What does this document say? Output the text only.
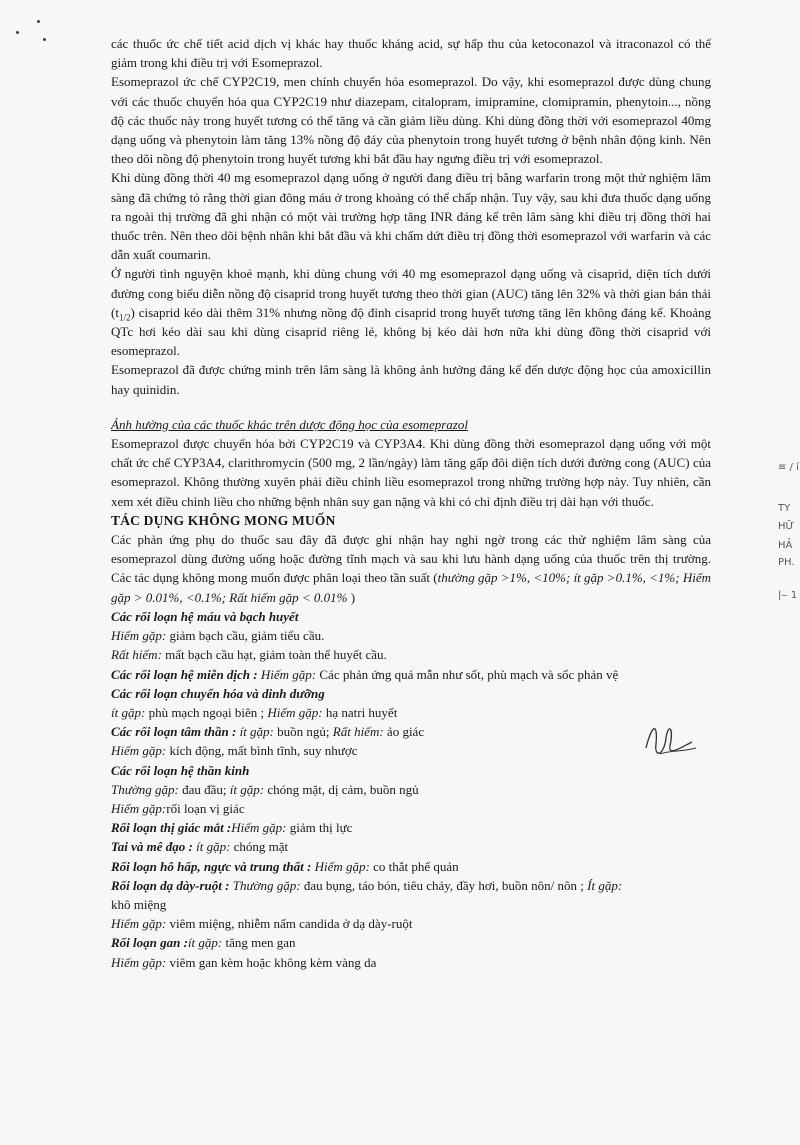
các thuốc ức chế tiết acid dịch vị khác hay thuốc kháng acid, sự hấp thu của ketoconazol và itraconazol có thể giảm trong khi điều trị với Esomeprazol.

Esomeprazol ức chế CYP2C19, men chính chuyển hóa esomeprazol. Do vậy, khi esomeprazol được dùng chung với các thuốc chuyển hóa qua CYP2C19 như diazepam, citalopram, imipramine, clomipramin, phenytoin..., nồng độ các thuốc này trong huyết tương có thể tăng và cần giảm liều dùng. Khi dùng đồng thời với esomeprazol 40mg dạng uống và phenytoin làm tăng 13% nồng độ đáy của phenytoin trong huyết tương ở bệnh nhân động kinh. Nên theo dõi nồng độ phenytoin trong huyết tương khi bắt đầu hay ngưng điều trị với esomeprazol.

Khi dùng đồng thời 40 mg esomeprazol dạng uống ở người đang điều trị bằng warfarin trong một thử nghiệm lâm sàng đã chứng tỏ rằng thời gian đông máu ở trong khoảng có thể chấp nhận. Tuy vậy, sau khi đưa thuốc dạng uống ra ngoài thị trường đã ghi nhận có một vài trường hợp tăng INR đáng kể trên lâm sàng khi điều trị đồng thời hai thuốc trên. Nên theo dõi bệnh nhân khi bắt đầu và khi chấm dứt điều trị đồng thời esomeprazol với warfarin và các dẫn xuất coumarin.

Ở người tình nguyện khoẻ mạnh, khi dùng chung với 40 mg esomeprazol dạng uống và cisaprid, diện tích dưới đường cong biểu diễn nồng độ cisaprid trong huyết tương theo thời gian (AUC) tăng lên 32% và thời gian bán thải $(t_{1/2})$ cisaprid kéo dài thêm 31% nhưng nồng độ đỉnh cisaprid trong huyết tương tăng lên không đáng kể. Khoảng QTc hơi kéo dài sau khi dùng cisaprid riêng lẻ, không bị kéo dài hơn nữa khi dùng đồng thời cisaprid với esomeprazol.

Esomeprazol đã được chứng minh trên lâm sàng là không ảnh hưởng đáng kể đến dược động học của amoxicillin hay quinidin.

Ảnh hưởng của các thuốc khác trên dược động học của esomeprazol

Esomeprazol được chuyển hóa bởi CYP2C19 và CYP3A4. Khi dùng đồng thời esomeprazol dạng uống với một chất ức chế CYP3A4, clarithromycin (500 mg, 2 lần/ngày) làm tăng gấp đôi diện tích dưới đường cong (AUC) của esomeprazol. Không thường xuyên phải điều chỉnh liều esomeprazol trong những trường hợp này. Tuy nhiên, cần xem xét điều chỉnh liều cho những bệnh nhân suy gan nặng và khi có chỉ định điều trị dài hạn với thuốc.

TÁC DỤNG KHÔNG MONG MUỐN

Các phản ứng phụ do thuốc sau đây đã được ghi nhận hay nghi ngờ trong các thử nghiệm lâm sàng của esomeprazol dùng đường uống hoặc đường tĩnh mạch và sau khi lưu hành dạng uống của thuốc trên thị trường. Các tác dụng không mong muốn được phân loại theo tần suất (thường gặp >1%, <10%; ít gặp >0.1%, <1%; Hiếm gặp > 0.01%, <0.1%; Rất hiếm gặp < 0.01% )

Các rối loạn hệ máu và bạch huyết

Hiếm gặp: giảm bạch cầu, giảm tiểu cầu.

Rất hiếm: mất bạch cầu hạt, giảm toàn thể huyết cầu.

Các rối loạn hệ miễn dịch : Hiếm gặp: Các phản ứng quá mẫn như sốt, phù mạch và sốc phản vệ

Các rối loạn chuyển hóa và dinh dưỡng

ít gặp: phù mạch ngoại biên ; Hiếm gặp: hạ natri huyết

Các rối loạn tâm thần : ít gặp: buồn ngủ; Rất hiếm: ảo giác

Hiếm gặp: kích động, mất bình tĩnh, suy nhược

Các rối loạn hệ thần kinh

Thường gặp: đau đầu; ít gặp: chóng mặt, dị cảm, buồn ngủ

Hiếm gặp:rối loạn vị giác

Rối loạn thị giác mắt :Hiếm gặp: giảm thị lực

Tai và mê đạo : ít gặp: chóng mặt

Rối loạn hô hấp, ngực và trung thất : Hiếm gặp: co thắt phế quản

Rối loạn dạ dày-ruột : Thường gặp: đau bụng, táo bón, tiêu chảy, đầy hơi, buồn nôn/ nôn ; Ít gặp:

khô miệng

Hiếm gặp: viêm miệng, nhiễm nấm candida ở dạ dày-ruột

Rối loạn gan :ít gặp: tăng men gan

Hiếm gặp: viêm gan kèm hoặc không kèm vàng da

≡ / í
TY
HỮ
HẢ
PH.
|‒ 1
